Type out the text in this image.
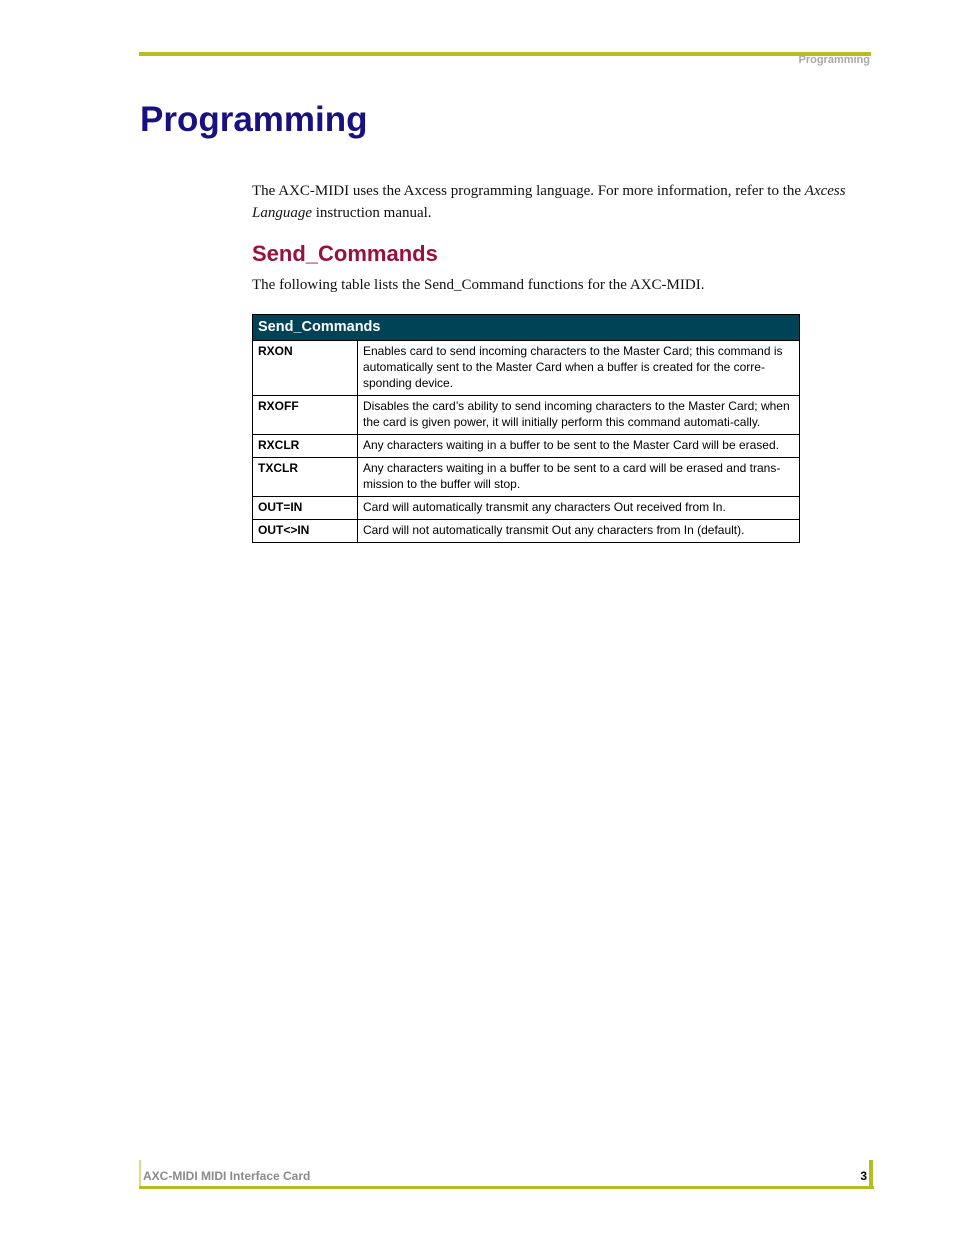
Programming
Programming

The AXC-MIDI uses the Axcess programming language. For more information, refer to the Axcess Language instruction manual.

Send_Commands

The following table lists the Send_Command functions for the AXC-MIDI.

Send_Commands	
RXON	Enables card to send incoming characters to the Master Card; this command is automatically sent to the Master Card when a buffer is created for the corre-sponding device.
RXOFF	Disables the card’s ability to send incoming characters to the Master Card; when the card is given power, it will initially perform this command automati-cally.
RXCLR	Any characters waiting in a buffer to be sent to the Master Card will be erased.
TXCLR	Any characters waiting in a buffer to be sent to a card will be erased and trans-mission to the buffer will stop.
OUT=IN	Card will automatically transmit any characters Out received from In.
OUT<>IN	Card will not automatically transmit Out any characters from In (default).
AXC-MIDI MIDI Interface Card	3
